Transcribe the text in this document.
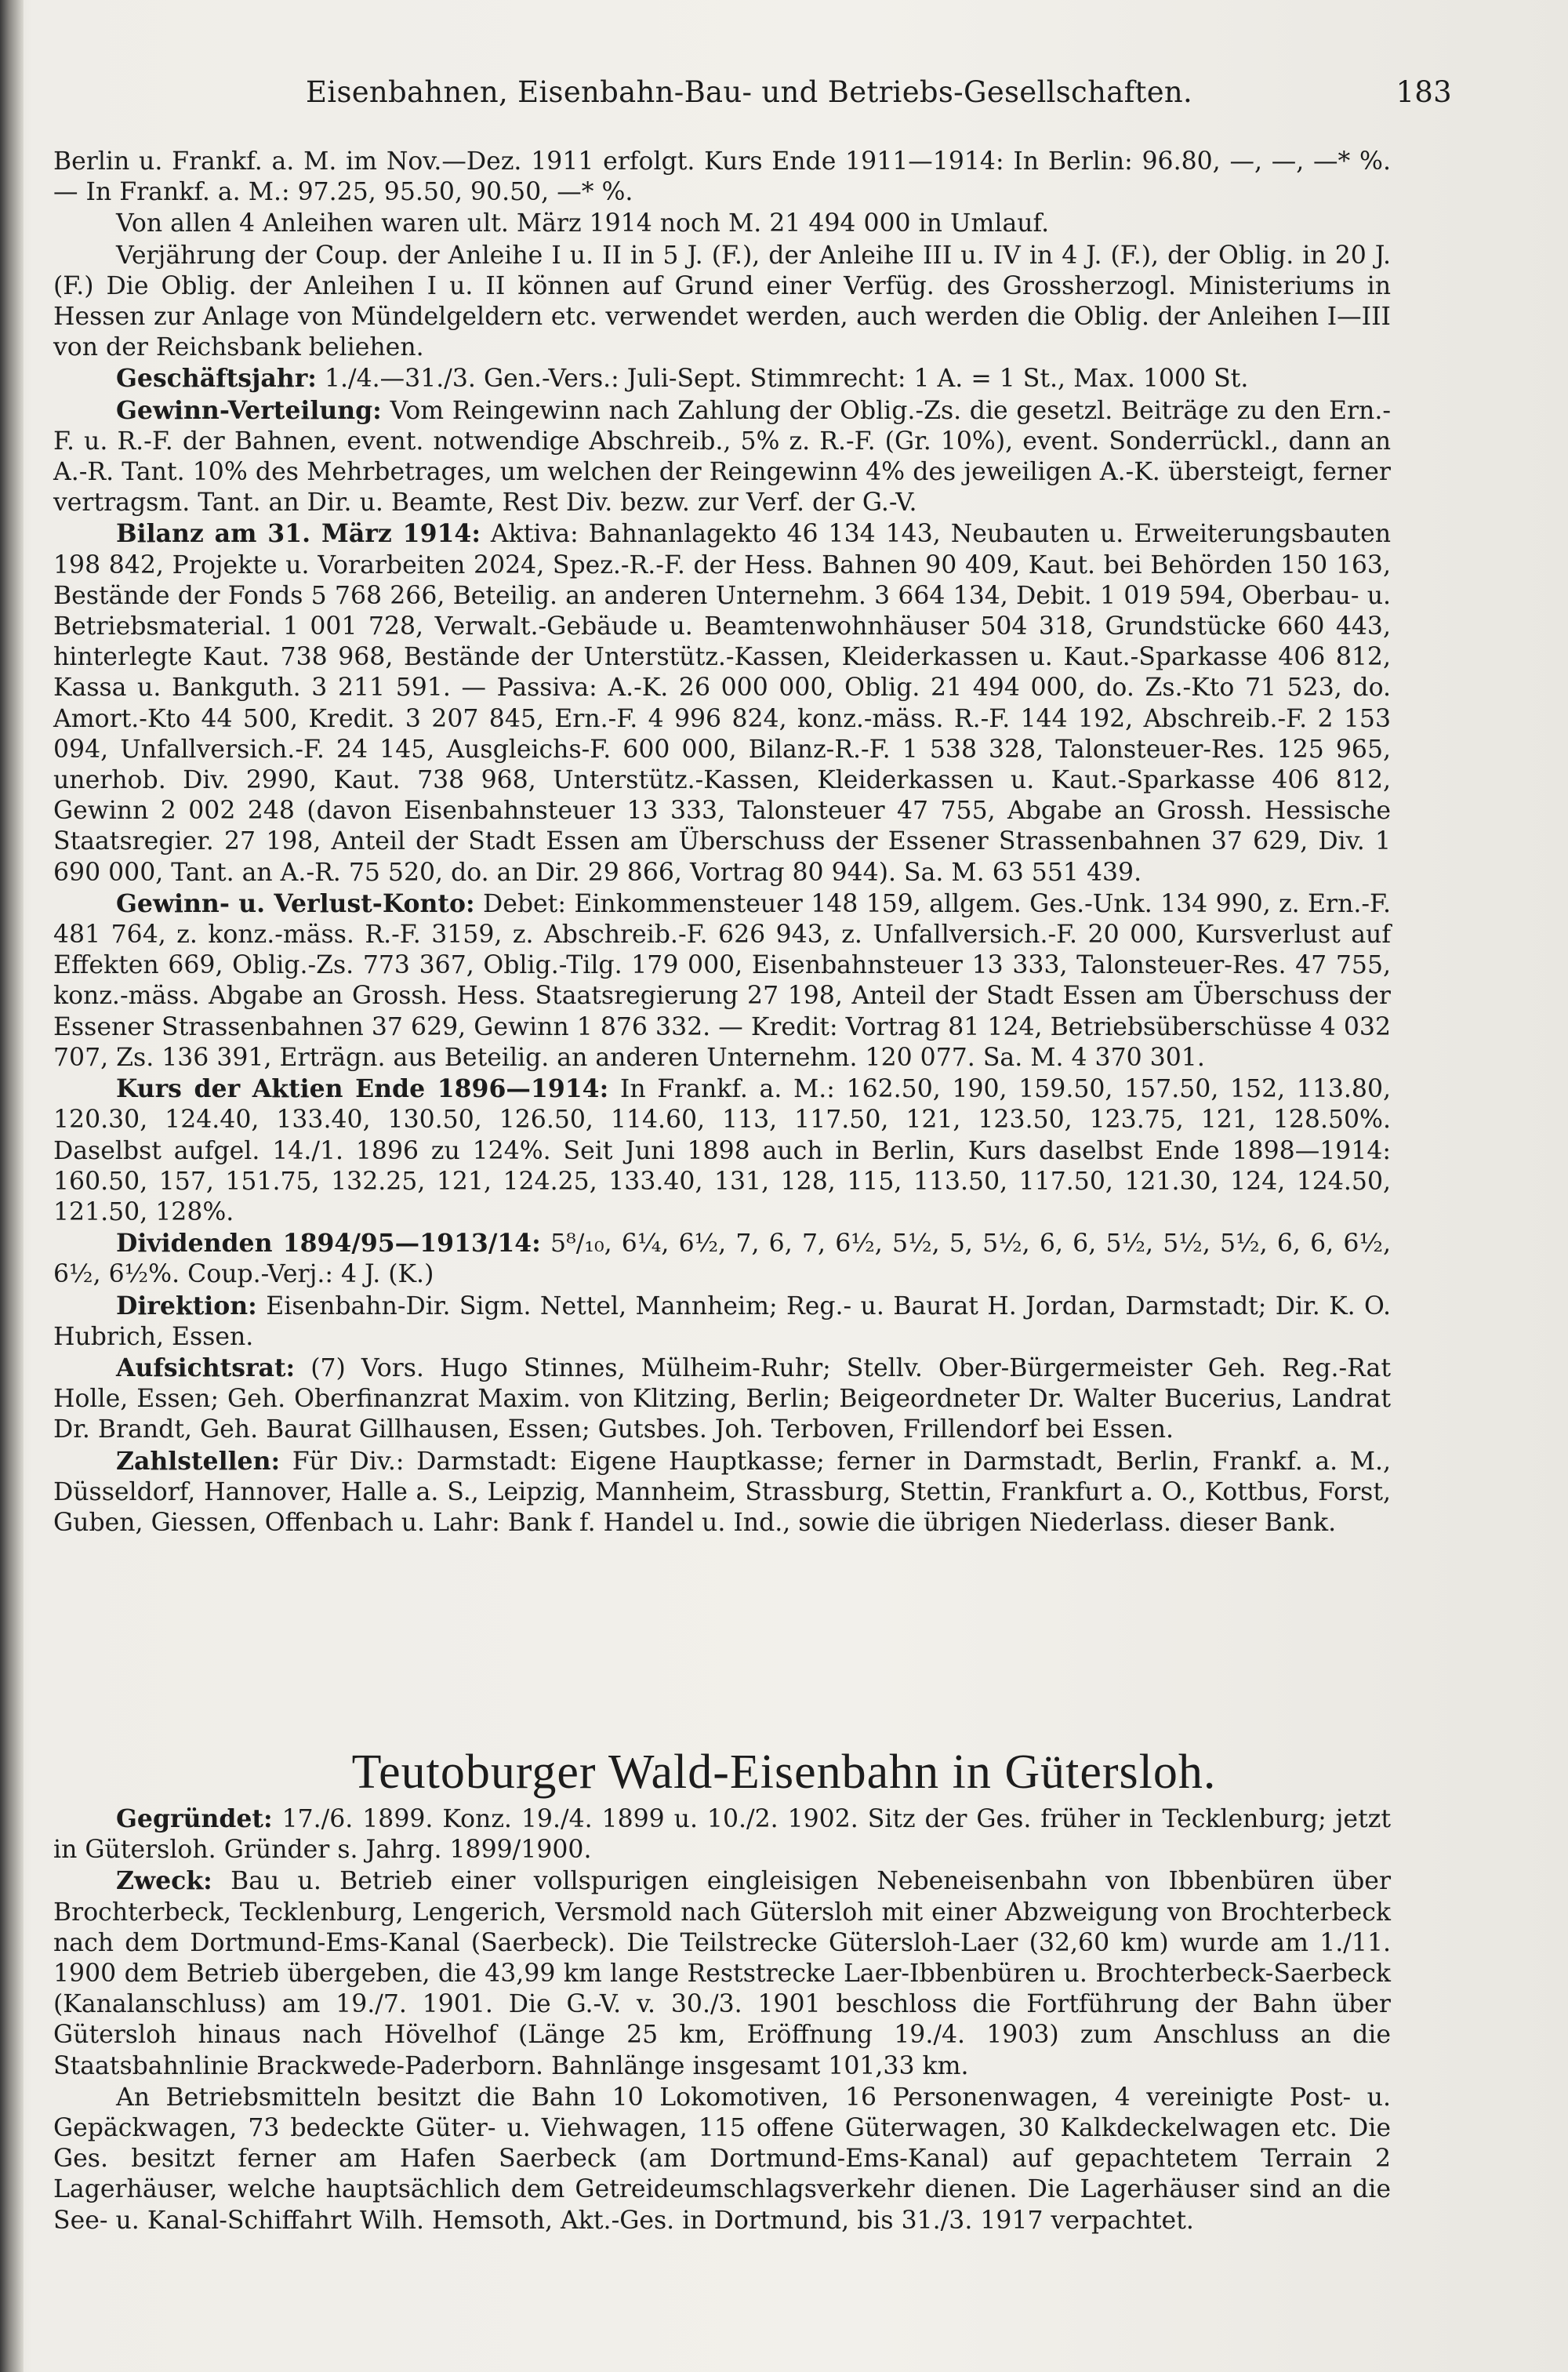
Eisenbahnen, Eisenbahn-Bau- und Betriebs-Gesellschaften.	183

Berlin u. Frankf. a. M. im Nov.—Dez. 1911 erfolgt. Kurs Ende 1911—1914: In Berlin: 96.80, —, —, —* %. — In Frankf. a. M.: 97.25, 95.50, 90.50, —* %.

Von allen 4 Anleihen waren ult. März 1914 noch M. 21 494 000 in Umlauf.

Verjährung der Coup. der Anleihe I u. II in 5 J. (F.), der Anleihe III u. IV in 4 J. (F.), der Oblig. in 20 J. (F.) Die Oblig. der Anleihen I u. II können auf Grund einer Verfüg. des Grossherzogl. Ministeriums in Hessen zur Anlage von Mündelgeldern etc. verwendet werden, auch werden die Oblig. der Anleihen I—III von der Reichsbank beliehen.

Geschäftsjahr: 1./4.—31./3. Gen.-Vers.: Juli-Sept. Stimmrecht: 1 A. = 1 St., Max. 1000 St.

Gewinn-Verteilung: Vom Reingewinn nach Zahlung der Oblig.-Zs. die gesetzl. Beiträge zu den Ern.-F. u. R.-F. der Bahnen, event. notwendige Abschreib., 5% z. R.-F. (Gr. 10%), event. Sonderrückl., dann an A.-R. Tant. 10% des Mehrbetrages, um welchen der Reingewinn 4% des jeweiligen A.-K. übersteigt, ferner vertragsm. Tant. an Dir. u. Beamte, Rest Div. bezw. zur Verf. der G.-V.

Bilanz am 31. März 1914: Aktiva: Bahnanlagekto 46 134 143, Neubauten u. Erweiterungsbauten 198 842, Projekte u. Vorarbeiten 2024, Spez.-R.-F. der Hess. Bahnen 90 409, Kaut. bei Behörden 150 163, Bestände der Fonds 5 768 266, Beteilig. an anderen Unternehm. 3 664 134, Debit. 1 019 594, Oberbau- u. Betriebsmaterial. 1 001 728, Verwalt.-Gebäude u. Beamtenwohnhäuser 504 318, Grundstücke 660 443, hinterlegte Kaut. 738 968, Bestände der Unterstütz.-Kassen, Kleiderkassen u. Kaut.-Sparkasse 406 812, Kassa u. Bankguth. 3 211 591. — Passiva: A.-K. 26 000 000, Oblig. 21 494 000, do. Zs.-Kto 71 523, do. Amort.-Kto 44 500, Kredit. 3 207 845, Ern.-F. 4 996 824, konz.-mäss. R.-F. 144 192, Abschreib.-F. 2 153 094, Unfallversich.-F. 24 145, Ausgleichs-F. 600 000, Bilanz-R.-F. 1 538 328, Talonsteuer-Res. 125 965, unerhob. Div. 2990, Kaut. 738 968, Unterstütz.-Kassen, Kleiderkassen u. Kaut.-Sparkasse 406 812, Gewinn 2 002 248 (davon Eisenbahnsteuer 13 333, Talonsteuer 47 755, Abgabe an Grossh. Hessische Staatsregier. 27 198, Anteil der Stadt Essen am Überschuss der Essener Strassenbahnen 37 629, Div. 1 690 000, Tant. an A.-R. 75 520, do. an Dir. 29 866, Vortrag 80 944). Sa. M. 63 551 439.

Gewinn- u. Verlust-Konto: Debet: Einkommensteuer 148 159, allgem. Ges.-Unk. 134 990, z. Ern.-F. 481 764, z. konz.-mäss. R.-F. 3159, z. Abschreib.-F. 626 943, z. Unfallversich.-F. 20 000, Kursverlust auf Effekten 669, Oblig.-Zs. 773 367, Oblig.-Tilg. 179 000, Eisenbahnsteuer 13 333, Talonsteuer-Res. 47 755, konz.-mäss. Abgabe an Grossh. Hess. Staatsregierung 27 198, Anteil der Stadt Essen am Überschuss der Essener Strassenbahnen 37 629, Gewinn 1 876 332. — Kredit: Vortrag 81 124, Betriebsüberschüsse 4 032 707, Zs. 136 391, Erträgn. aus Beteilig. an anderen Unternehm. 120 077. Sa. M. 4 370 301.

Kurs der Aktien Ende 1896—1914: In Frankf. a. M.: 162.50, 190, 159.50, 157.50, 152, 113.80, 120.30, 124.40, 133.40, 130.50, 126.50, 114.60, 113, 117.50, 121, 123.50, 123.75, 121, 128.50%. Daselbst aufgel. 14./1. 1896 zu 124%. Seit Juni 1898 auch in Berlin, Kurs daselbst Ende 1898—1914: 160.50, 157, 151.75, 132.25, 121, 124.25, 133.40, 131, 128, 115, 113.50, 117.50, 121.30, 124, 124.50, 121.50, 128%.

Dividenden 1894/95—1913/14: 5⁸/₁₀, 6¼, 6½, 7, 6, 7, 6½, 5½, 5, 5½, 6, 6, 5½, 5½, 5½, 6, 6, 6½, 6½, 6½%. Coup.-Verj.: 4 J. (K.)

Direktion: Eisenbahn-Dir. Sigm. Nettel, Mannheim; Reg.- u. Baurat H. Jordan, Darmstadt; Dir. K. O. Hubrich, Essen.

Aufsichtsrat: (7) Vors. Hugo Stinnes, Mülheim-Ruhr; Stellv. Ober-Bürgermeister Geh. Reg.-Rat Holle, Essen; Geh. Oberfinanzrat Maxim. von Klitzing, Berlin; Beigeordneter Dr. Walter Bucerius, Landrat Dr. Brandt, Geh. Baurat Gillhausen, Essen; Gutsbes. Joh. Terboven, Frillendorf bei Essen.

Zahlstellen: Für Div.: Darmstadt: Eigene Hauptkasse; ferner in Darmstadt, Berlin, Frankf. a. M., Düsseldorf, Hannover, Halle a. S., Leipzig, Mannheim, Strassburg, Stettin, Frankfurt a. O., Kottbus, Forst, Guben, Giessen, Offenbach u. Lahr: Bank f. Handel u. Ind., sowie die übrigen Niederlass. dieser Bank.

Teutoburger Wald-Eisenbahn in Gütersloh.

Gegründet: 17./6. 1899. Konz. 19./4. 1899 u. 10./2. 1902. Sitz der Ges. früher in Tecklenburg; jetzt in Gütersloh. Gründer s. Jahrg. 1899/1900.

Zweck: Bau u. Betrieb einer vollspurigen eingleisigen Nebeneisenbahn von Ibbenbüren über Brochterbeck, Tecklenburg, Lengerich, Versmold nach Gütersloh mit einer Abzweigung von Brochterbeck nach dem Dortmund-Ems-Kanal (Saerbeck). Die Teilstrecke Gütersloh-Laer (32,60 km) wurde am 1./11. 1900 dem Betrieb übergeben, die 43,99 km lange Reststrecke Laer-Ibbenbüren u. Brochterbeck-Saerbeck (Kanalanschluss) am 19./7. 1901. Die G.-V. v. 30./3. 1901 beschloss die Fortführung der Bahn über Gütersloh hinaus nach Hövelhof (Länge 25 km, Eröffnung 19./4. 1903) zum Anschluss an die Staatsbahnlinie Brackwede-Paderborn. Bahnlänge insgesamt 101,33 km.

An Betriebsmitteln besitzt die Bahn 10 Lokomotiven, 16 Personenwagen, 4 vereinigte Post- u. Gepäckwagen, 73 bedeckte Güter- u. Viehwagen, 115 offene Güterwagen, 30 Kalkdeckelwagen etc. Die Ges. besitzt ferner am Hafen Saerbeck (am Dortmund-Ems-Kanal) auf gepachtetem Terrain 2 Lagerhäuser, welche hauptsächlich dem Getreideumschlagsverkehr dienen. Die Lagerhäuser sind an die See- u. Kanal-Schiffahrt Wilh. Hemsoth, Akt.-Ges. in Dortmund, bis 31./3. 1917 verpachtet.
